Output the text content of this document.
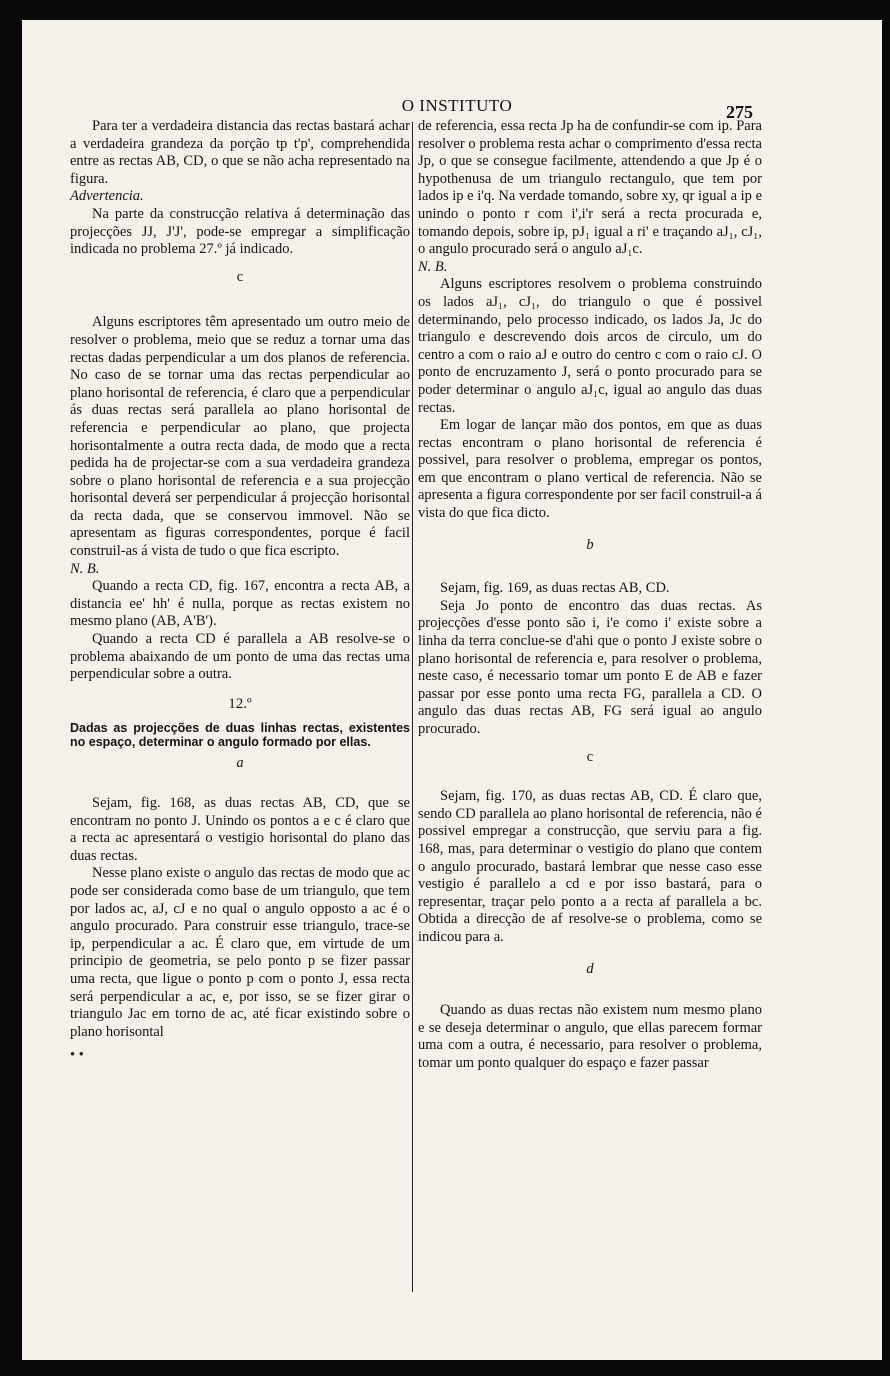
O INSTITUTO	275

Para ter a verdadeira distancia das rectas bastará achar a verdadeira grandeza da porção tp t'p', comprehendida entre as rectas AB, CD, o que se não acha representado na figura.

Advertencia.

Na parte da construcção relativa á determinação das projecções JJ, J'J', pode-se empregar a simplificação indicada no problema 27.º já indicado.

c

Alguns escriptores têm apresentado um outro meio de resolver o problema, meio que se reduz a tornar uma das rectas dadas perpendicular a um dos planos de referencia. No caso de se tornar uma das rectas perpendicular ao plano horisontal de referencia, é claro que a perpendicular ás duas rectas será parallela ao plano horisontal de referencia e perpendicular ao plano, que projecta horisontalmente a outra recta dada, de modo que a recta pedida ha de projectar-se com a sua verdadeira grandeza sobre o plano horisontal de referencia e a sua projecção horisontal deverá ser perpendicular á projecção horisontal da recta dada, que se conservou immovel. Não se apresentam as figuras correspondentes, porque é facil construil-as á vista de tudo o que fica escripto.

N. B.

Quando a recta CD, fig. 167, encontra a recta AB, a distancia ee' hh' é nulla, porque as rectas existem no mesmo plano (AB, A'B').

Quando a recta CD é parallela a AB resolve-se o problema abaixando de um ponto de uma das rectas uma perpendicular sobre a outra.

12.º

Dadas as projecções de duas linhas rectas, existentes no espaço, determinar o angulo formado por ellas.

a

Sejam, fig. 168, as duas rectas AB, CD, que se encontram no ponto J. Unindo os pontos a e c é claro que a recta ac apresentará o vestigio horisontal do plano das duas rectas.

Nesse plano existe o angulo das rectas de modo que ac pode ser considerada como base de um triangulo, que tem por lados ac, aJ, cJ e no qual o angulo opposto a ac é o angulo procurado. Para construir esse triangulo, trace-se ip, perpendicular a ac. É claro que, em virtude de um principio de geometria, se pelo ponto p se fizer passar uma recta, que ligue o ponto p com o ponto J, essa recta será perpendicular a ac, e, por isso, se se fizer girar o triangulo Jac em torno de ac, até ficar existindo sobre o plano horisontal

• •

de referencia, essa recta Jp ha de confundir-se com ip. Para resolver o problema resta achar o comprimento d'essa recta Jp, o que se consegue facilmente, attendendo a que Jp é o hypothenusa de um triangulo rectangulo, que tem por lados ip e i'q. Na verdade tomando, sobre xy, qr igual a ip e unindo o ponto r com i',i'r será a recta procurada e, tomando depois, sobre ip, pJ₁ igual a ri' e traçando aJ₁, cJ₁, o angulo procurado será o angulo aJ₁c.

N. B.

Alguns escriptores resolvem o problema construindo os lados aJ₁, cJ₁, do triangulo o que é possivel determinando, pelo processo indicado, os lados Ja, Jc do triangulo e descrevendo dois arcos de circulo, um do centro a com o raio aJ e outro do centro c com o raio cJ. O ponto de encruzamento J, será o ponto procurado para se poder determinar o angulo aJ₁c, igual ao angulo das duas rectas.

Em logar de lançar mão dos pontos, em que as duas rectas encontram o plano horisontal de referencia é possivel, para resolver o problema, empregar os pontos, em que encontram o plano vertical de referencia. Não se apresenta a figura correspondente por ser facil construil-a á vista do que fica dicto.

b

Sejam, fig. 169, as duas rectas AB, CD.

Seja Jo ponto de encontro das duas rectas. As projecções d'esse ponto são i, i'e como i' existe sobre a linha da terra conclue-se d'ahi que o ponto J existe sobre o plano horisontal de referencia e, para resolver o problema, neste caso, é necessario tomar um ponto E de AB e fazer passar por esse ponto uma recta FG, parallela a CD. O angulo das duas rectas AB, FG será igual ao angulo procurado.

c

Sejam, fig. 170, as duas rectas AB, CD. É claro que, sendo CD parallela ao plano horisontal de referencia, não é possivel empregar a construcção, que serviu para a fig. 168, mas, para determinar o vestigio do plano que contem o angulo procurado, bastará lembrar que nesse caso esse vestigio é parallelo a cd e por isso bastará, para o representar, traçar pelo ponto a a recta af parallela a bc. Obtida a direcção de af resolve-se o problema, como se indicou para a.

d

Quando as duas rectas não existem num mesmo plano e se deseja determinar o angulo, que ellas parecem formar uma com a outra, é necessario, para resolver o problema, tomar um ponto qualquer do espaço e fazer passar
